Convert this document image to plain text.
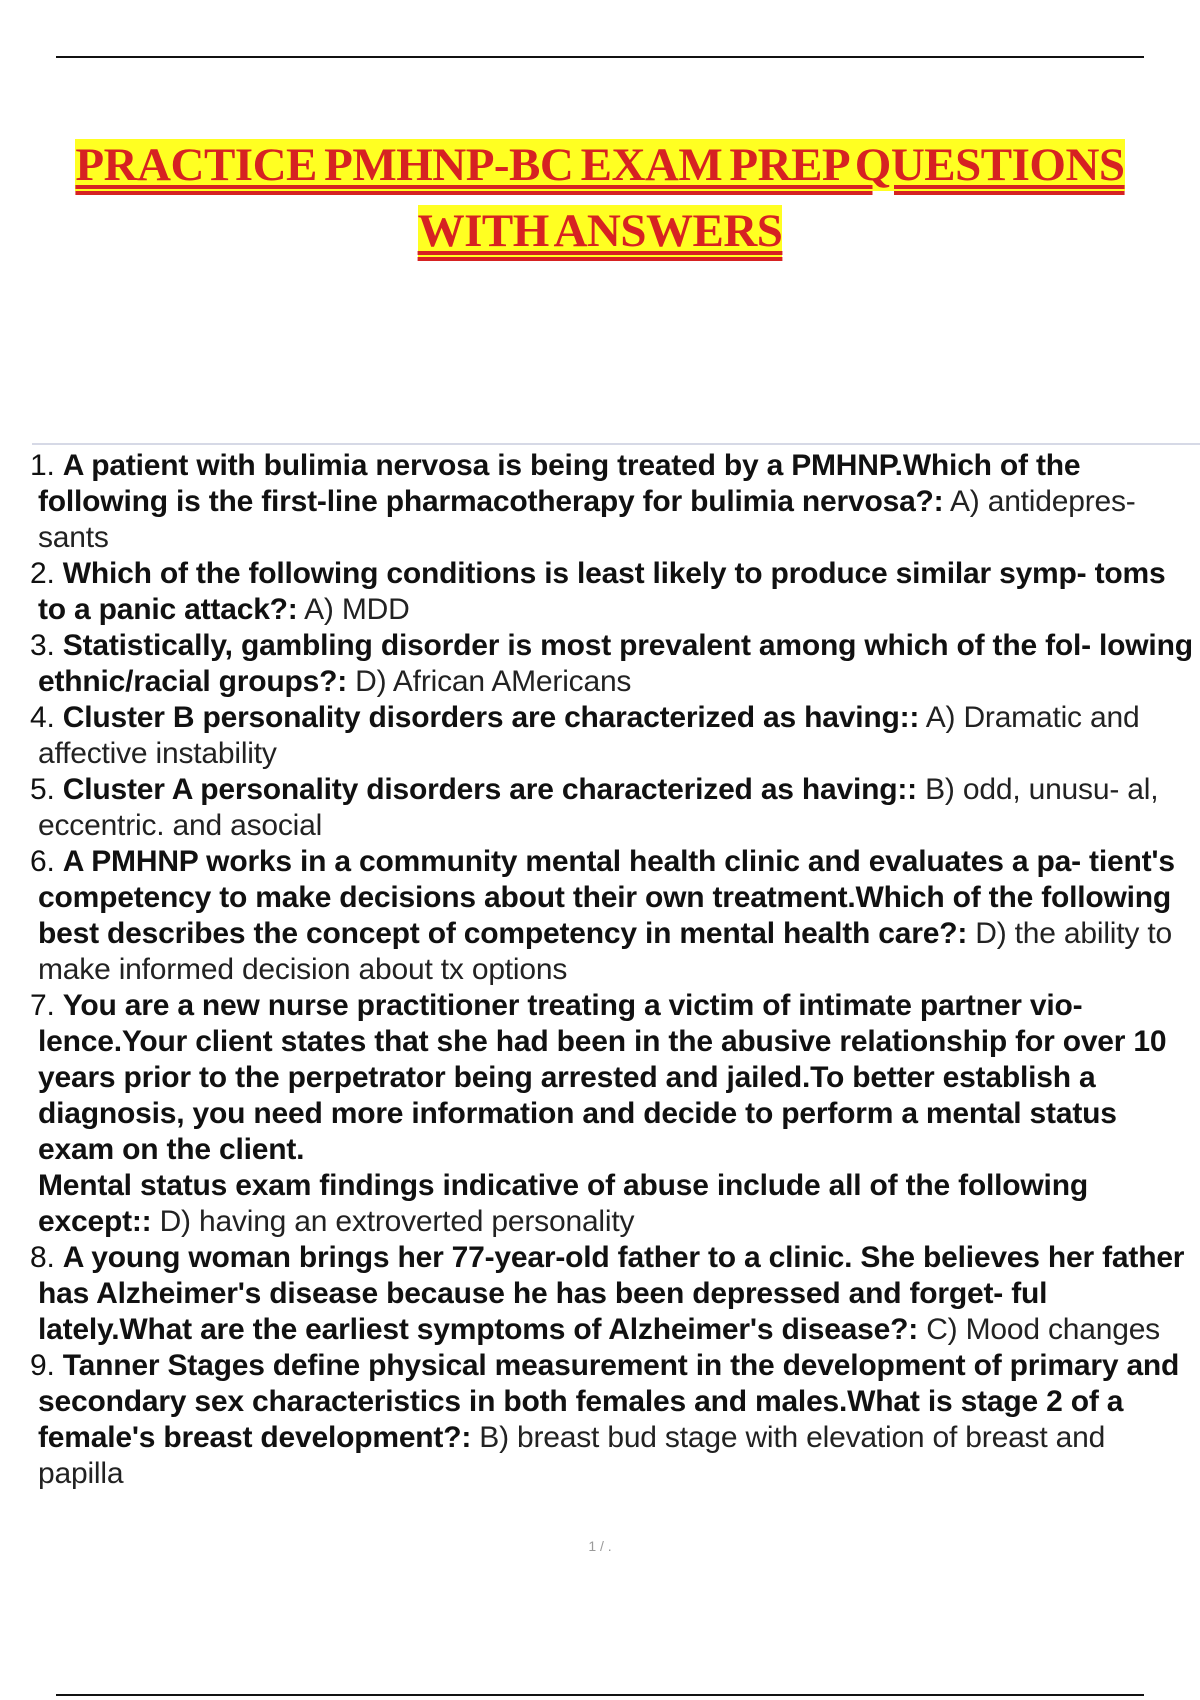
PRACTICE PMHNP-BC EXAM PREP QUESTIONS
WITH ANSWERS

1. A patient with bulimia nervosa is being treated by a PMHNP.Which of the following is the first-line pharmacotherapy for bulimia nervosa?: A) antidepres- sants

2. Which of the following conditions is least likely to produce similar symp- toms to a panic attack?: A) MDD

3. Statistically, gambling disorder is most prevalent among which of the fol- lowing ethnic/racial groups?: D) African AMericans

4. Cluster B personality disorders are characterized as having:: A) Dramatic and affective instability

5. Cluster A personality disorders are characterized as having:: B) odd, unusu- al, eccentric. and asocial

6. A PMHNP works in a community mental health clinic and evaluates a pa- tient's competency to make decisions about their own treatment.Which of the following best describes the concept of competency in mental health care?: D) the ability to make informed decision about tx options

7. You are a new nurse practitioner treating a victim of intimate partner vio- lence.Your client states that she had been in the abusive relationship for over 10 years prior to the perpetrator being arrested and jailed.To better establish a diagnosis, you need more information and decide to perform a mental status exam on the client.
Mental status exam findings indicative of abuse include all of the following except:: D) having an extroverted personality

8. A young woman brings her 77-year-old father to a clinic. She believes her father has Alzheimer's disease because he has been depressed and forget- ful lately.What are the earliest symptoms of Alzheimer's disease?: C) Mood changes

9. Tanner Stages define physical measurement in the development of primary and secondary sex characteristics in both females and males.What is stage 2 of a female's breast development?: B) breast bud stage with elevation of breast and papilla

1 / .
